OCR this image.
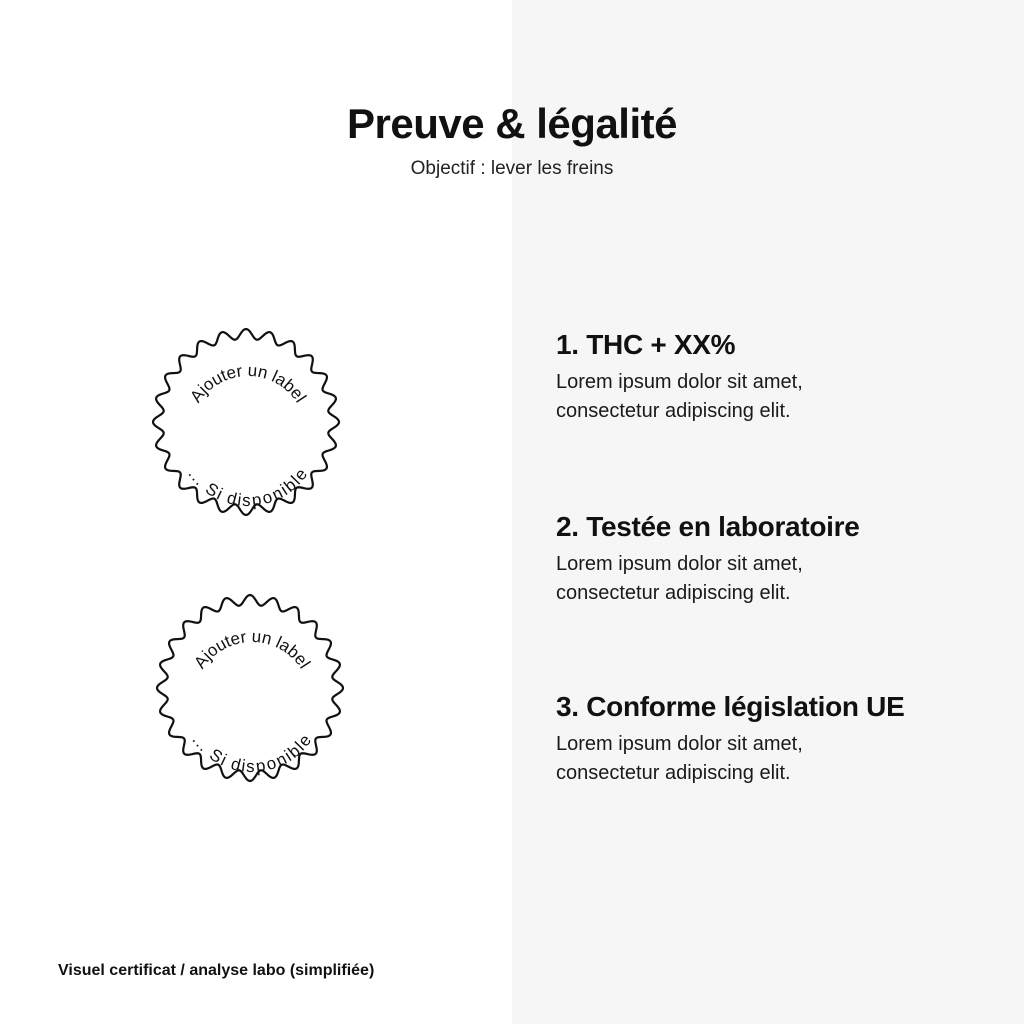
Preuve & légalité
Objectif : lever les freins
Ajouter un label
... Si disponible
Ajouter un label
... Si disponible
1. THC + XX%
Lorem ipsum dolor sit amet, consectetur adipiscing elit.
2. Testée en laboratoire
Lorem ipsum dolor sit amet, consectetur adipiscing elit.
3. Conforme législation UE
Lorem ipsum dolor sit amet, consectetur adipiscing elit.
Visuel certificat / analyse labo (simplifiée)
